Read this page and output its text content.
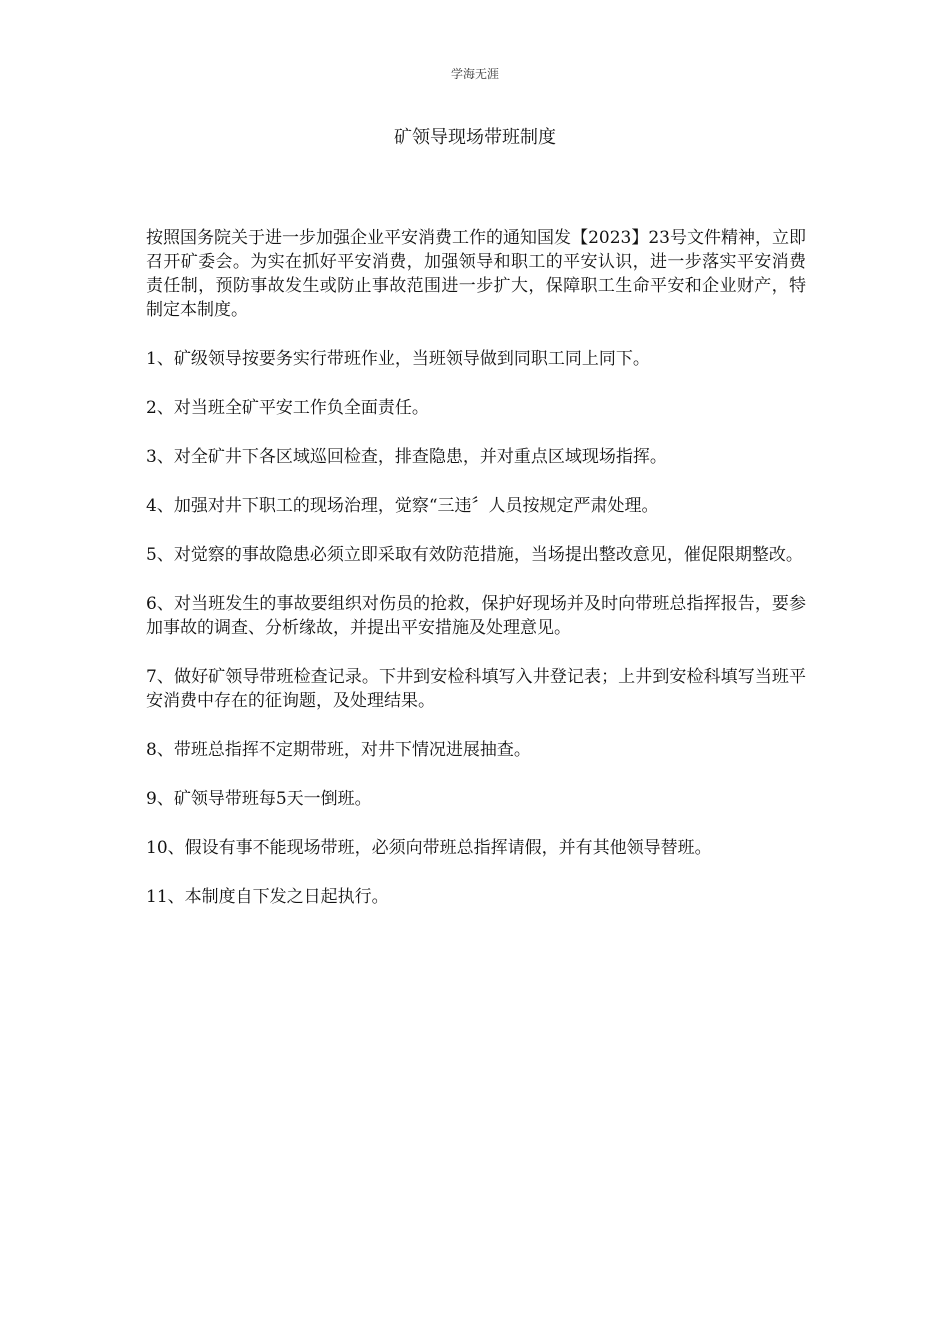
学海无涯
矿领导现场带班制度

按照国务院关于进一步加强企业平安消费工作的通知国发【2023】23号文件精神，立即召开矿委会。为实在抓好平安消费，加强领导和职工的平安认识，进一步落实平安消费责任制，预防事故发生或防止事故范围进一步扩大，保障职工生命平安和企业财产，特制定本制度。

1、矿级领导按要务实行带班作业，当班领导做到同职工同上同下。

2、对当班全矿平安工作负全面责任。

3、对全矿井下各区域巡回检查，排查隐患，并对重点区域现场指挥。

4、加强对井下职工的现场治理，觉察“三违〞人员按规定严肃处理。

5、对觉察的事故隐患必须立即采取有效防范措施，当场提出整改意见，催促限期整改。

6、对当班发生的事故要组织对伤员的抢救，保护好现场并及时向带班总指挥报告，要参加事故的调查、分析缘故，并提出平安措施及处理意见。

7、做好矿领导带班检查记录。下井到安检科填写入井登记表；上井到安检科填写当班平安消费中存在的征询题，及处理结果。

8、带班总指挥不定期带班，对井下情况进展抽查。

9、矿领导带班每5天一倒班。

10、假设有事不能现场带班，必须向带班总指挥请假，并有其他领导替班。

11、本制度自下发之日起执行。
